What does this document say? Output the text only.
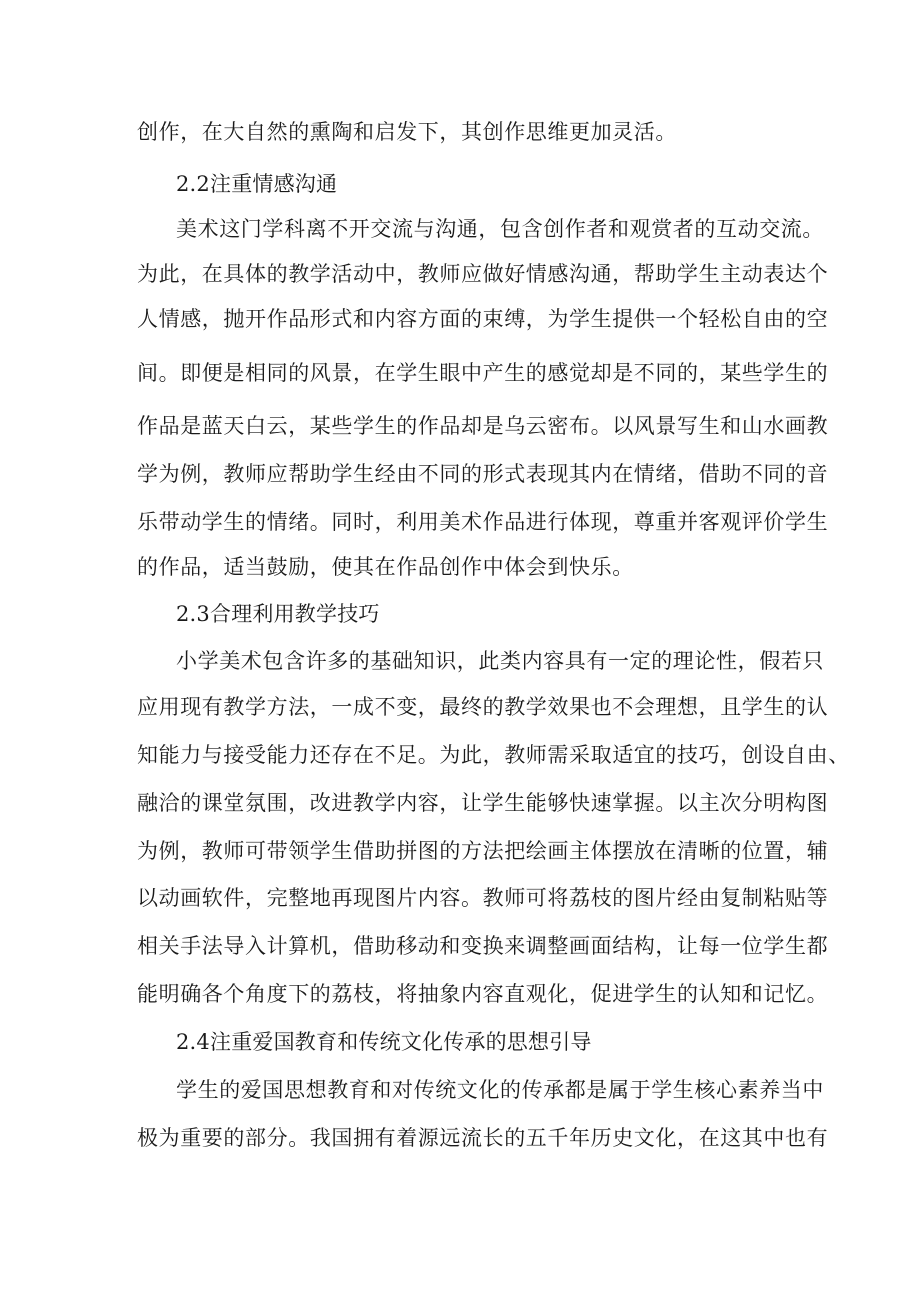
创作，在大自然的熏陶和启发下，其创作思维更加灵活。
2.2注重情感沟通
美术这门学科离不开交流与沟通，包含创作者和观赏者的互动交流。
为此，在具体的教学活动中，教师应做好情感沟通，帮助学生主动表达个
人情感，抛开作品形式和内容方面的束缚，为学生提供一个轻松自由的空
间。即便是相同的风景，在学生眼中产生的感觉却是不同的，某些学生的
作品是蓝天白云，某些学生的作品却是乌云密布。以风景写生和山水画教
学为例，教师应帮助学生经由不同的形式表现其内在情绪，借助不同的音
乐带动学生的情绪。同时，利用美术作品进行体现，尊重并客观评价学生
的作品，适当鼓励，使其在作品创作中体会到快乐。
2.3合理利用教学技巧
小学美术包含许多的基础知识，此类内容具有一定的理论性，假若只
应用现有教学方法，一成不变，最终的教学效果也不会理想，且学生的认
知能力与接受能力还存在不足。为此，教师需采取适宜的技巧，创设自由、
融洽的课堂氛围，改进教学内容，让学生能够快速掌握。以主次分明构图
为例，教师可带领学生借助拼图的方法把绘画主体摆放在清晰的位置，辅
以动画软件，完整地再现图片内容。教师可将荔枝的图片经由复制粘贴等
相关手法导入计算机，借助移动和变换来调整画面结构，让每一位学生都
能明确各个角度下的荔枝，将抽象内容直观化，促进学生的认知和记忆。
2.4注重爱国教育和传统文化传承的思想引导
学生的爱国思想教育和对传统文化的传承都是属于学生核心素养当中
极为重要的部分。我国拥有着源远流长的五千年历史文化，在这其中也有
